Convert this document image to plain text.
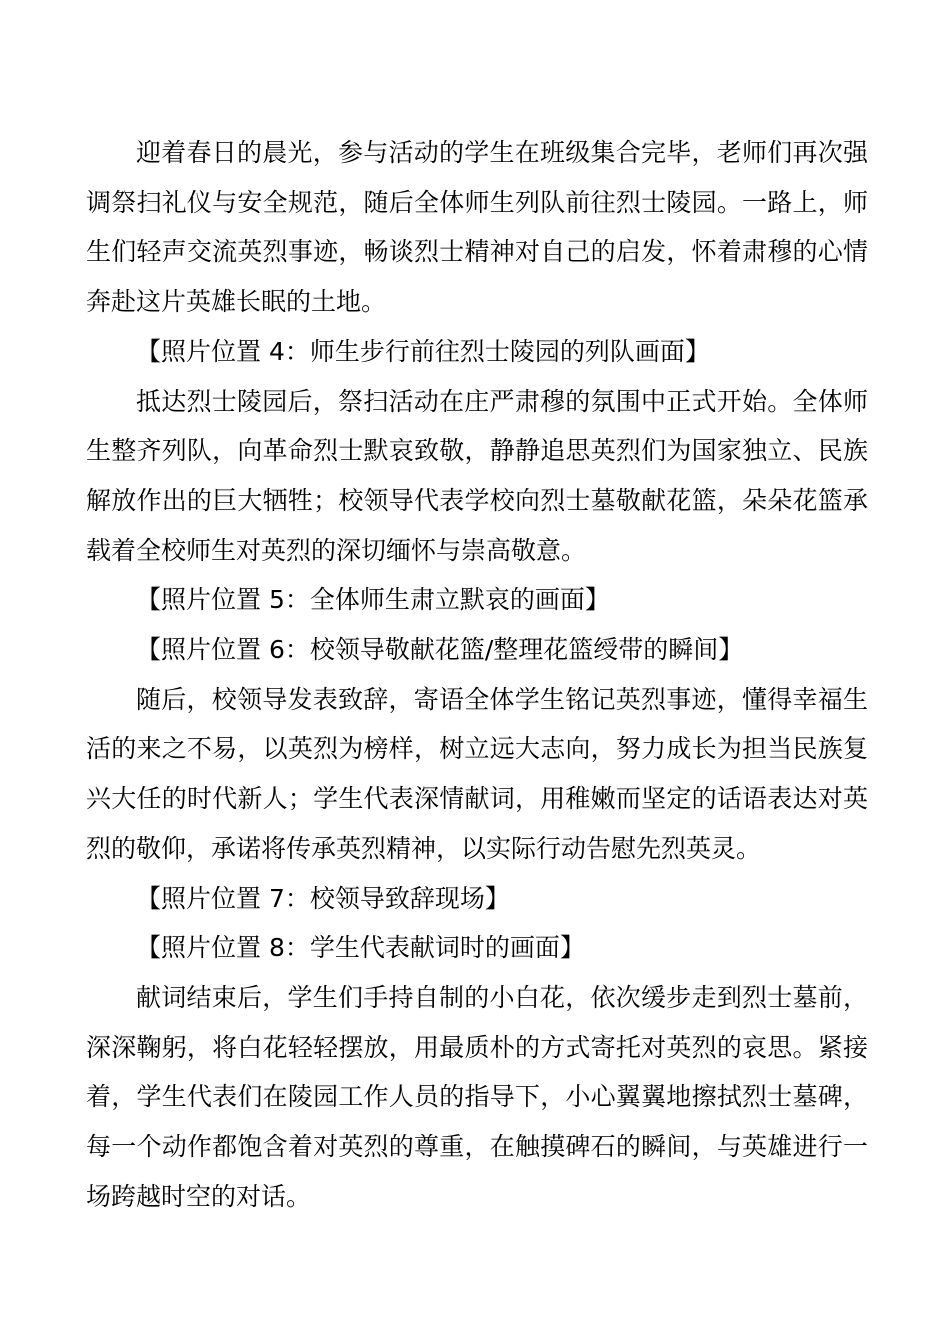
迎着春日的晨光，参与活动的学生在班级集合完毕，老师们再次强调祭扫礼仪与安全规范，随后全体师生列队前往烈士陵园。一路上，师生们轻声交流英烈事迹，畅谈烈士精神对自己的启发，怀着肃穆的心情奔赴这片英雄长眠的土地。

【照片位置 4：师生步行前往烈士陵园的列队画面】

抵达烈士陵园后，祭扫活动在庄严肃穆的氛围中正式开始。全体师生整齐列队，向革命烈士默哀致敬，静静追思英烈们为国家独立、民族解放作出的巨大牺牲；校领导代表学校向烈士墓敬献花篮，朵朵花篮承载着全校师生对英烈的深切缅怀与崇高敬意。

【照片位置 5：全体师生肃立默哀的画面】

【照片位置 6：校领导敬献花篮/整理花篮绶带的瞬间】

随后，校领导发表致辞，寄语全体学生铭记英烈事迹，懂得幸福生活的来之不易，以英烈为榜样，树立远大志向，努力成长为担当民族复兴大任的时代新人；学生代表深情献词，用稚嫩而坚定的话语表达对英烈的敬仰，承诺将传承英烈精神，以实际行动告慰先烈英灵。

【照片位置 7：校领导致辞现场】

【照片位置 8：学生代表献词时的画面】

献词结束后，学生们手持自制的小白花，依次缓步走到烈士墓前，深深鞠躬，将白花轻轻摆放，用最质朴的方式寄托对英烈的哀思。紧接着，学生代表们在陵园工作人员的指导下，小心翼翼地擦拭烈士墓碑，每一个动作都饱含着对英烈的尊重，在触摸碑石的瞬间，与英雄进行一场跨越时空的对话。
